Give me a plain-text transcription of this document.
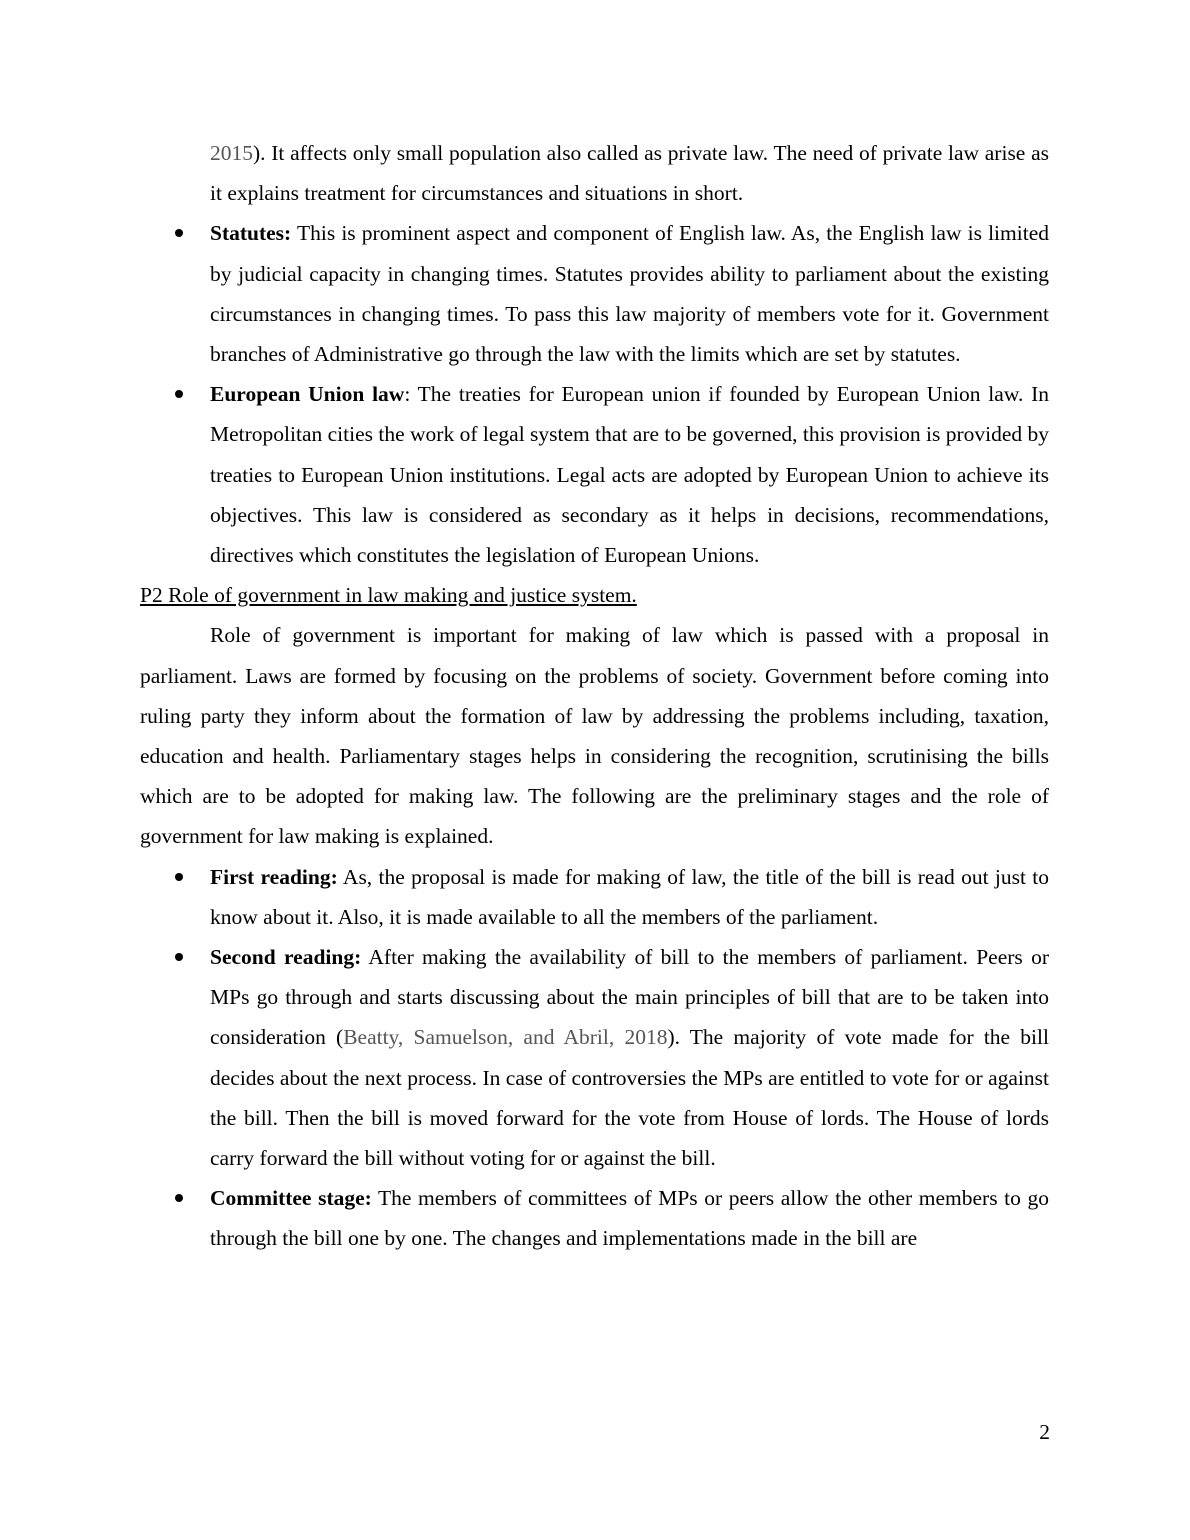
2015). It affects only small population also called as private law. The need of private law arise as it explains treatment for circumstances and situations in short.

Statutes: This is prominent aspect and component of English law. As, the English law is limited by judicial capacity in changing times. Statutes provides ability to parliament about the existing circumstances in changing times. To pass this law majority of members vote for it. Government branches of Administrative go through the law with the limits which are set by statutes.
European Union law: The treaties for European union if founded by European Union law. In Metropolitan cities the work of legal system that are to be governed, this provision is provided by treaties to European Union institutions. Legal acts are adopted by European Union to achieve its objectives. This law is considered as secondary as it helps in decisions, recommendations, directives which constitutes the legislation of European Unions.
P2 Role of government in law making and justice system.

Role of government is important for making of law which is passed with a proposal in parliament. Laws are formed by focusing on the problems of society. Government before coming into ruling party they inform about the formation of law by addressing the problems including, taxation, education and health. Parliamentary stages helps in considering the recognition, scrutinising the bills which are to be adopted for making law. The following are the preliminary stages and the role of government for law making is explained.

First reading: As, the proposal is made for making of law, the title of the bill is read out just to know about it. Also, it is made available to all the members of the parliament.
Second reading: After making the availability of bill to the members of parliament. Peers or MPs go through and starts discussing about the main principles of bill that are to be taken into consideration (Beatty, Samuelson, and Abril, 2018). The majority of vote made for the bill decides about the next process. In case of controversies the MPs are entitled to vote for or against the bill. Then the bill is moved forward for the vote from House of lords. The House of lords carry forward the bill without voting for or against the bill.
Committee stage: The members of committees of MPs or peers allow the other members to go through the bill one by one. The changes and implementations made in the bill are
2
